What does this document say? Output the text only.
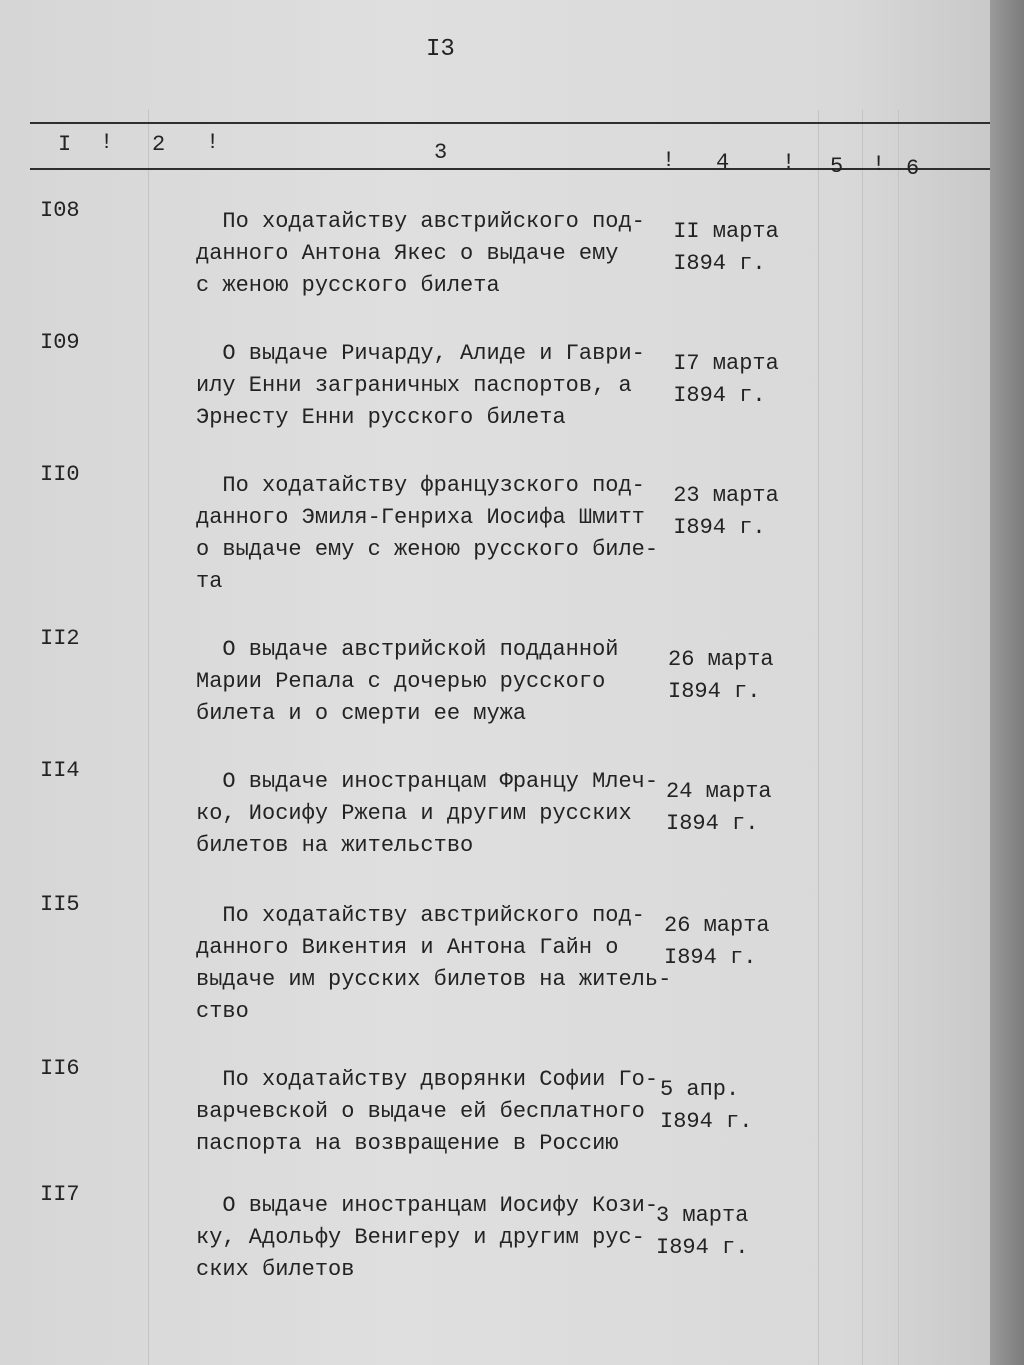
I3
I ! 2 !	3	! 4 ! 5 ! 6
I08	По ходатайству австрийского под-
данного Антона Якес о выдаче ему
с женою русского билета
II марта
I894 г.
I09	О выдаче Ричарду, Алиде и Гаври-
илу Енни заграничных паспортов, а
Эрнесту Енни русского билета
I7 марта
I894 г.
II0	По ходатайству французского под-
данного Эмиля-Генриха Иосифа Шмитт
о выдаче ему с женою русского биле-
та
23 марта
I894 г.
II2	О выдаче австрийской подданной
Марии Репала с дочерью русского
билета и о смерти ее мужа
26 марта
I894 г.
II4	О выдаче иностранцам Францу Млеч-
ко, Иосифу Ржепа и другим русских
билетов на жительство
24 марта
I894 г.
II5	По ходатайству австрийского под-
данного Викентия и Антона Гайн о
выдаче им русских билетов на житель-
ство
26 марта
I894 г.
II6	По ходатайству дворянки Софии Го-
варчевской о выдаче ей бесплатного
паспорта на возвращение в Россию
5 апр.
I894 г.
II7	О выдаче иностранцам Иосифу Кози-
ку, Адольфу Венигеру и другим рус-
ских билетов
3 марта
I894 г.
